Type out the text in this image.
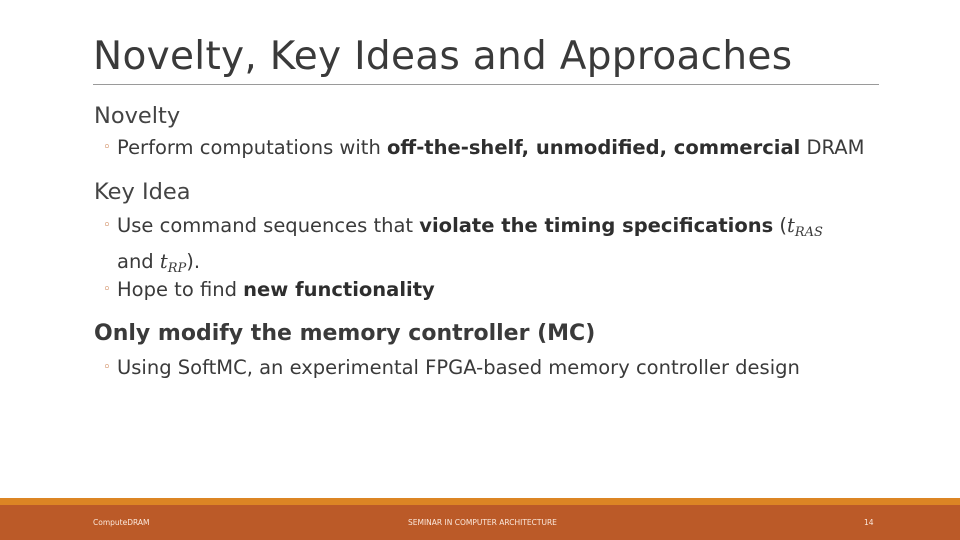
Novelty, Key Ideas and Approaches
Novelty
◦ Perform computations with off-the-shelf, unmodified, commercial DRAM
Key Idea
◦ Use command sequences that violate the timing specifications ($t_{RAS}$
and $t_{RP}$).
◦ Hope to find new functionality
Only modify the memory controller (MC)
◦ Using SoftMC, an experimental FPGA-based memory controller design
ComputeDRAM	SEMINAR IN COMPUTER ARCHITECTURE	14
